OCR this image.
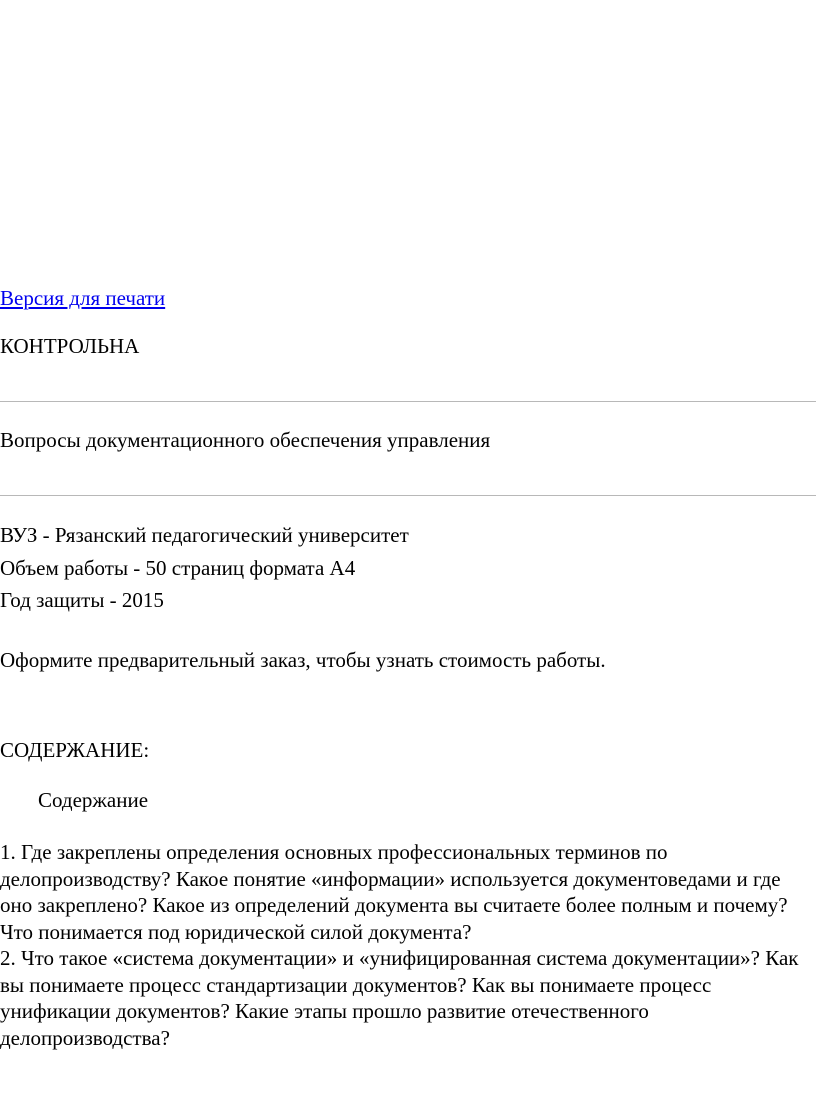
Версия для печати
КОНТРОЛЬНА
Вопросы документационного обеспечения управления
ВУЗ - Рязанский педагогический университет
Объем работы - 50 страниц формата А4
Год защиты - 2015
Оформите предварительный заказ, чтобы узнать стоимость работы.
СОДЕРЖАНИЕ:
Содержание

1. Где закреплены определения основных профессиональных терминов по делопроизводству? Какое понятие «информации» используется документоведами и где оно закреплено? Какое из определений документа вы считаете более полным и почему? Что понимается под юридической силой документа?

2. Что такое «система документации» и «унифицированная система документации»? Как вы понимаете процесс стандартизации документов? Как вы понимаете процесс унификации документов? Какие этапы прошло развитие отечественного делопроизводства?
